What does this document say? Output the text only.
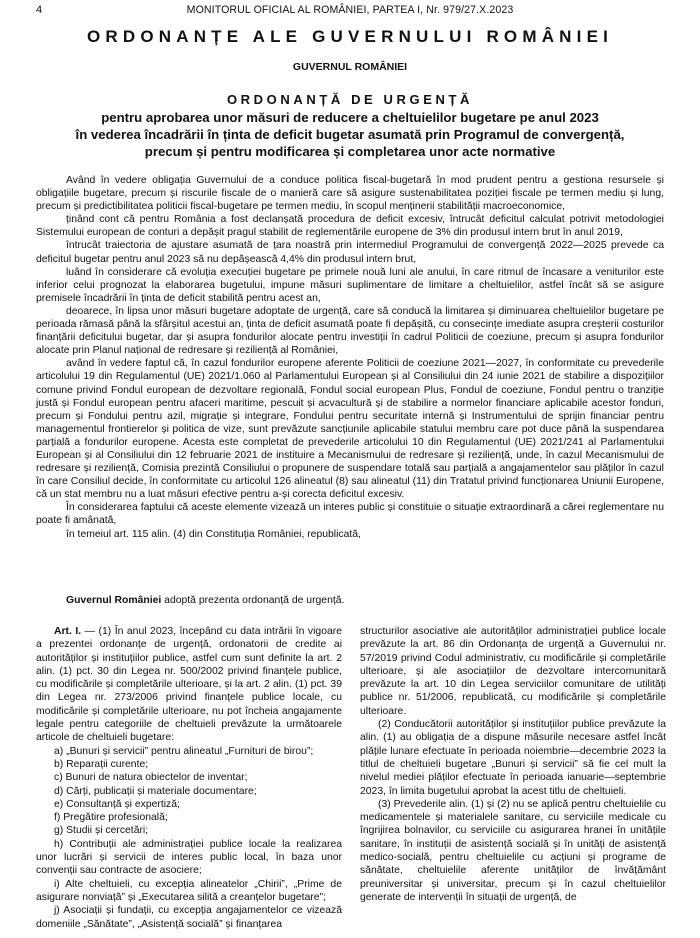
4	MONITORUL OFICIAL AL ROMÂNIEI, PARTEA I, Nr. 979/27.X.2023
ORDONANȚE ALE GUVERNULUI ROMÂNIEI
GUVERNUL ROMÂNIEI
ORDONANȚĂ DE URGENȚĂ
pentru aprobarea unor măsuri de reducere a cheltuielilor bugetare pe anul 2023
în vederea încadrării în ținta de deficit bugetar asumată prin Programul de convergență,
precum și pentru modificarea și completarea unor acte normative

Având în vedere obligația Guvernului de a conduce politica fiscal-bugetară în mod prudent pentru a gestiona resursele și obligațiile bugetare, precum și riscurile fiscale de o manieră care să asigure sustenabilitatea poziției fiscale pe termen mediu și lung, precum și predictibilitatea politicii fiscal-bugetare pe termen mediu, în scopul menținerii stabilității macroeconomice,

ținând cont că pentru România a fost declanșată procedura de deficit excesiv, întrucât deficitul calculat potrivit metodologiei Sistemului european de conturi a depășit pragul stabilit de reglementările europene de 3% din produsul intern brut în anul 2019,

întrucât traiectoria de ajustare asumată de țara noastră prin intermediul Programului de convergență 2022—2025 prevede ca deficitul bugetar pentru anul 2023 să nu depășească 4,4% din produsul intern brut,

luând în considerare că evoluția execuției bugetare pe primele nouă luni ale anului, în care ritmul de încasare a veniturilor este inferior celui prognozat la elaborarea bugetului, impune măsuri suplimentare de limitare a cheltuielilor, astfel încât să se asigure premisele încadrării în ținta de deficit stabilită pentru acest an,

deoarece, în lipsa unor măsuri bugetare adoptate de urgență, care să conducă la limitarea și diminuarea cheltuielilor bugetare pe perioada rămasă până la sfârșitul acestui an, ținta de deficit asumată poate fi depășită, cu consecințe imediate asupra creșterii costurilor finanțării deficitului bugetar, dar și asupra fondurilor alocate pentru investiții în cadrul Politicii de coeziune, precum și asupra fondurilor alocate prin Planul național de redresare și reziliență al României,

având în vedere faptul că, în cazul fondurilor europene aferente Politicii de coeziune 2021—2027, în conformitate cu prevederile articolului 19 din Regulamentul (UE) 2021/1.060 al Parlamentului European și al Consiliului din 24 iunie 2021 de stabilire a dispozițiilor comune privind Fondul european de dezvoltare regională, Fondul social european Plus, Fondul de coeziune, Fondul pentru o tranziție justă și Fondul european pentru afaceri maritime, pescuit și acvacultură și de stabilire a normelor financiare aplicabile acestor fonduri, precum și Fondului pentru azil, migrație și integrare, Fondului pentru securitate internă și Instrumentului de sprijin financiar pentru managementul frontierelor și politica de vize, sunt prevăzute sancțiunile aplicabile statului membru care pot duce până la suspendarea parțială a fondurilor europene. Acesta este completat de prevederile articolului 10 din Regulamentul (UE) 2021/241 al Parlamentului European și al Consiliului din 12 februarie 2021 de instituire a Mecanismului de redresare și reziliență, unde, în cazul Mecanismului de redresare și reziliență, Comisia prezintă Consiliului o propunere de suspendare totală sau parțială a angajamentelor sau plăților în cazul în care Consiliul decide, în conformitate cu articolul 126 alineatul (8) sau alineatul (11) din Tratatul privind funcționarea Uniunii Europene, că un stat membru nu a luat măsuri efective pentru a-și corecta deficitul excesiv.

În considerarea faptului că aceste elemente vizează un interes public și constituie o situație extraordinară a cărei reglementare nu poate fi amânată,

în temeiul art. 115 alin. (4) din Constituția României, republicată,

Guvernul României adoptă prezenta ordonanță de urgență.

Art. I. — (1) În anul 2023, începând cu data intrării în vigoare a prezentei ordonanțe de urgență, ordonatorii de credite ai autorităților și instituțiilor publice, astfel cum sunt definite la art. 2 alin. (1) pct. 30 din Legea nr. 500/2002 privind finanțele publice, cu modificările și completările ulterioare, și la art. 2 alin. (1) pct. 39 din Legea nr. 273/2006 privind finanțele publice locale, cu modificările și completările ulterioare, nu pot încheia angajamente legale pentru categoriile de cheltuieli prevăzute la următoarele articole de cheltuieli bugetare:

a) „Bunuri și servicii” pentru alineatul „Furnituri de birou”;

b) Reparații curente;

c) Bunuri de natura obiectelor de inventar;

d) Cărți, publicații și materiale documentare;

e) Consultanță și expertiză;

f) Pregătire profesională;

g) Studii și cercetări;

h) Contribuții ale administrației publice locale la realizarea unor lucrări și servicii de interes public local, în baza unor convenții sau contracte de asociere;

i) Alte cheltuieli, cu excepția alineatelor „Chirii”, „Prime de asigurare nonviață” și „Executarea silită a creanțelor bugetare”;

j) Asociații și fundații, cu excepția angajamentelor ce vizează domeniile „Sănătate”, „Asistență socială” și finanțarea

structurilor asociative ale autorităților administrației publice locale prevăzute la art. 86 din Ordonanța de urgență a Guvernului nr. 57/2019 privind Codul administrativ, cu modificările și completările ulterioare, și ale asociațiilor de dezvoltare intercomunitară prevăzute la art. 10 din Legea serviciilor comunitare de utilități publice nr. 51/2006, republicată, cu modificările și completările ulterioare.

(2) Conducătorii autorităților și instituțiilor publice prevăzute la alin. (1) au obligația de a dispune măsurile necesare astfel încât plățile lunare efectuate în perioada noiembrie—decembrie 2023 la titlul de cheltuieli bugetare „Bunuri și servicii” să fie cel mult la nivelul mediei plăților efectuate în perioada ianuarie—septembrie 2023, în limita bugetului aprobat la acest titlu de cheltuieli.

(3) Prevederile alin. (1) și (2) nu se aplică pentru cheltuielile cu medicamentele și materialele sanitare, cu serviciile medicale cu îngrijirea bolnavilor, cu serviciile cu asigurarea hranei în unitățile sanitare, în instituții de asistență socială și în unități de asistență medico-socială, pentru cheltuielile cu acțiuni și programe de sănătate, cheltuielile aferente unităților de învățământ preuniversitar și universitar, precum și în cazul cheltuielilor generate de intervenții în situații de urgență, de
